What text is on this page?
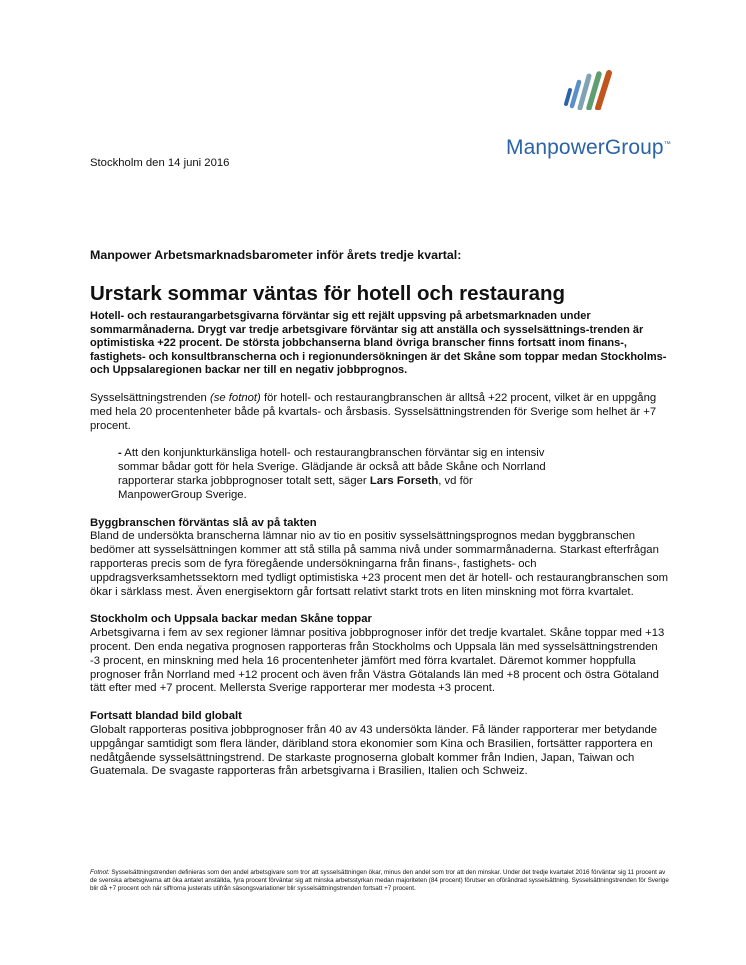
ManpowerGroup™
Stockholm den 14 juni 2016
Manpower Arbetsmarknadsbarometer inför årets tredje kvartal:
Urstark sommar väntas för hotell och restaurang

Hotell- och restaurangarbetsgivarna förväntar sig ett rejält uppsving på arbetsmarknaden under sommarmånaderna. Drygt var tredje arbetsgivare förväntar sig att anställa och sysselsättnings-trenden är optimistiska +22 procent. De största jobbchanserna bland övriga branscher finns fortsatt inom finans-, fastighets- och konsultbranscherna och i regionundersökningen är det Skåne som toppar medan Stockholms- och Uppsalaregionen backar ner till en negativ jobbprognos.

Sysselsättningstrenden (se fotnot) för hotell- och restaurangbranschen är alltså +22 procent, vilket är en uppgång med hela 20 procentenheter både på kvartals- och årsbasis. Sysselsättningstrenden för Sverige som helhet är +7 procent.

- Att den konjunkturkänsliga hotell- och restaurangbranschen förväntar sig en intensiv sommar bådar gott för hela Sverige. Glädjande är också att både Skåne och Norrland rapporterar starka jobbprognoser totalt sett, säger Lars Forseth, vd för ManpowerGroup Sverige.

Byggbranschen förväntas slå av på takten

Bland de undersökta branscherna lämnar nio av tio en positiv sysselsättningsprognos medan byggbranschen bedömer att sysselsättningen kommer att stå stilla på samma nivå under sommarmånaderna. Starkast efterfrågan rapporteras precis som de fyra föregående undersökningarna från finans-, fastighets- och uppdragsverksamhetssektorn med tydligt optimistiska +23 procent men det är hotell- och restaurangbranschen som ökar i särklass mest. Även energisektorn går fortsatt relativt starkt trots en liten minskning mot förra kvartalet.

Stockholm och Uppsala backar medan Skåne toppar

Arbetsgivarna i fem av sex regioner lämnar positiva jobbprognoser inför det tredje kvartalet. Skåne toppar med +13 procent. Den enda negativa prognosen rapporteras från Stockholms och Uppsala län med sysselsättningstrenden -3 procent, en minskning med hela 16 procentenheter jämfört med förra kvartalet. Däremot kommer hoppfulla prognoser från Norrland med +12 procent och även från Västra Götalands län med +8 procent och östra Götaland tätt efter med +7 procent. Mellersta Sverige rapporterar mer modesta +3 procent.

Fortsatt blandad bild globalt

Globalt rapporteras positiva jobbprognoser från 40 av 43 undersökta länder. Få länder rapporterar mer betydande uppgångar samtidigt som flera länder, däribland stora ekonomier som Kina och Brasilien, fortsätter rapportera en nedåtgående sysselsättningstrend. De starkaste prognoserna globalt kommer från Indien, Japan, Taiwan och Guatemala. De svagaste rapporteras från arbetsgivarna i Brasilien, Italien och Schweiz.

Fotnot: Sysselsättningstrenden definieras som den andel arbetsgivare som tror att sysselsättningen ökar, minus den andel som tror att den minskar. Under det tredje kvartalet 2016 förväntar sig 11 procent av de svenska arbetsgivarna att öka antalet anställda, fyra procent förväntar sig att minska arbetsstyrkan medan majoriteten (84 procent) förutser en oförändrad sysselsättning. Sysselsättningstrenden för Sverige blir då +7 procent och när siffrorna justerats utifrån säsongsvariationer blir sysselsättningstrenden fortsatt +7 procent.
